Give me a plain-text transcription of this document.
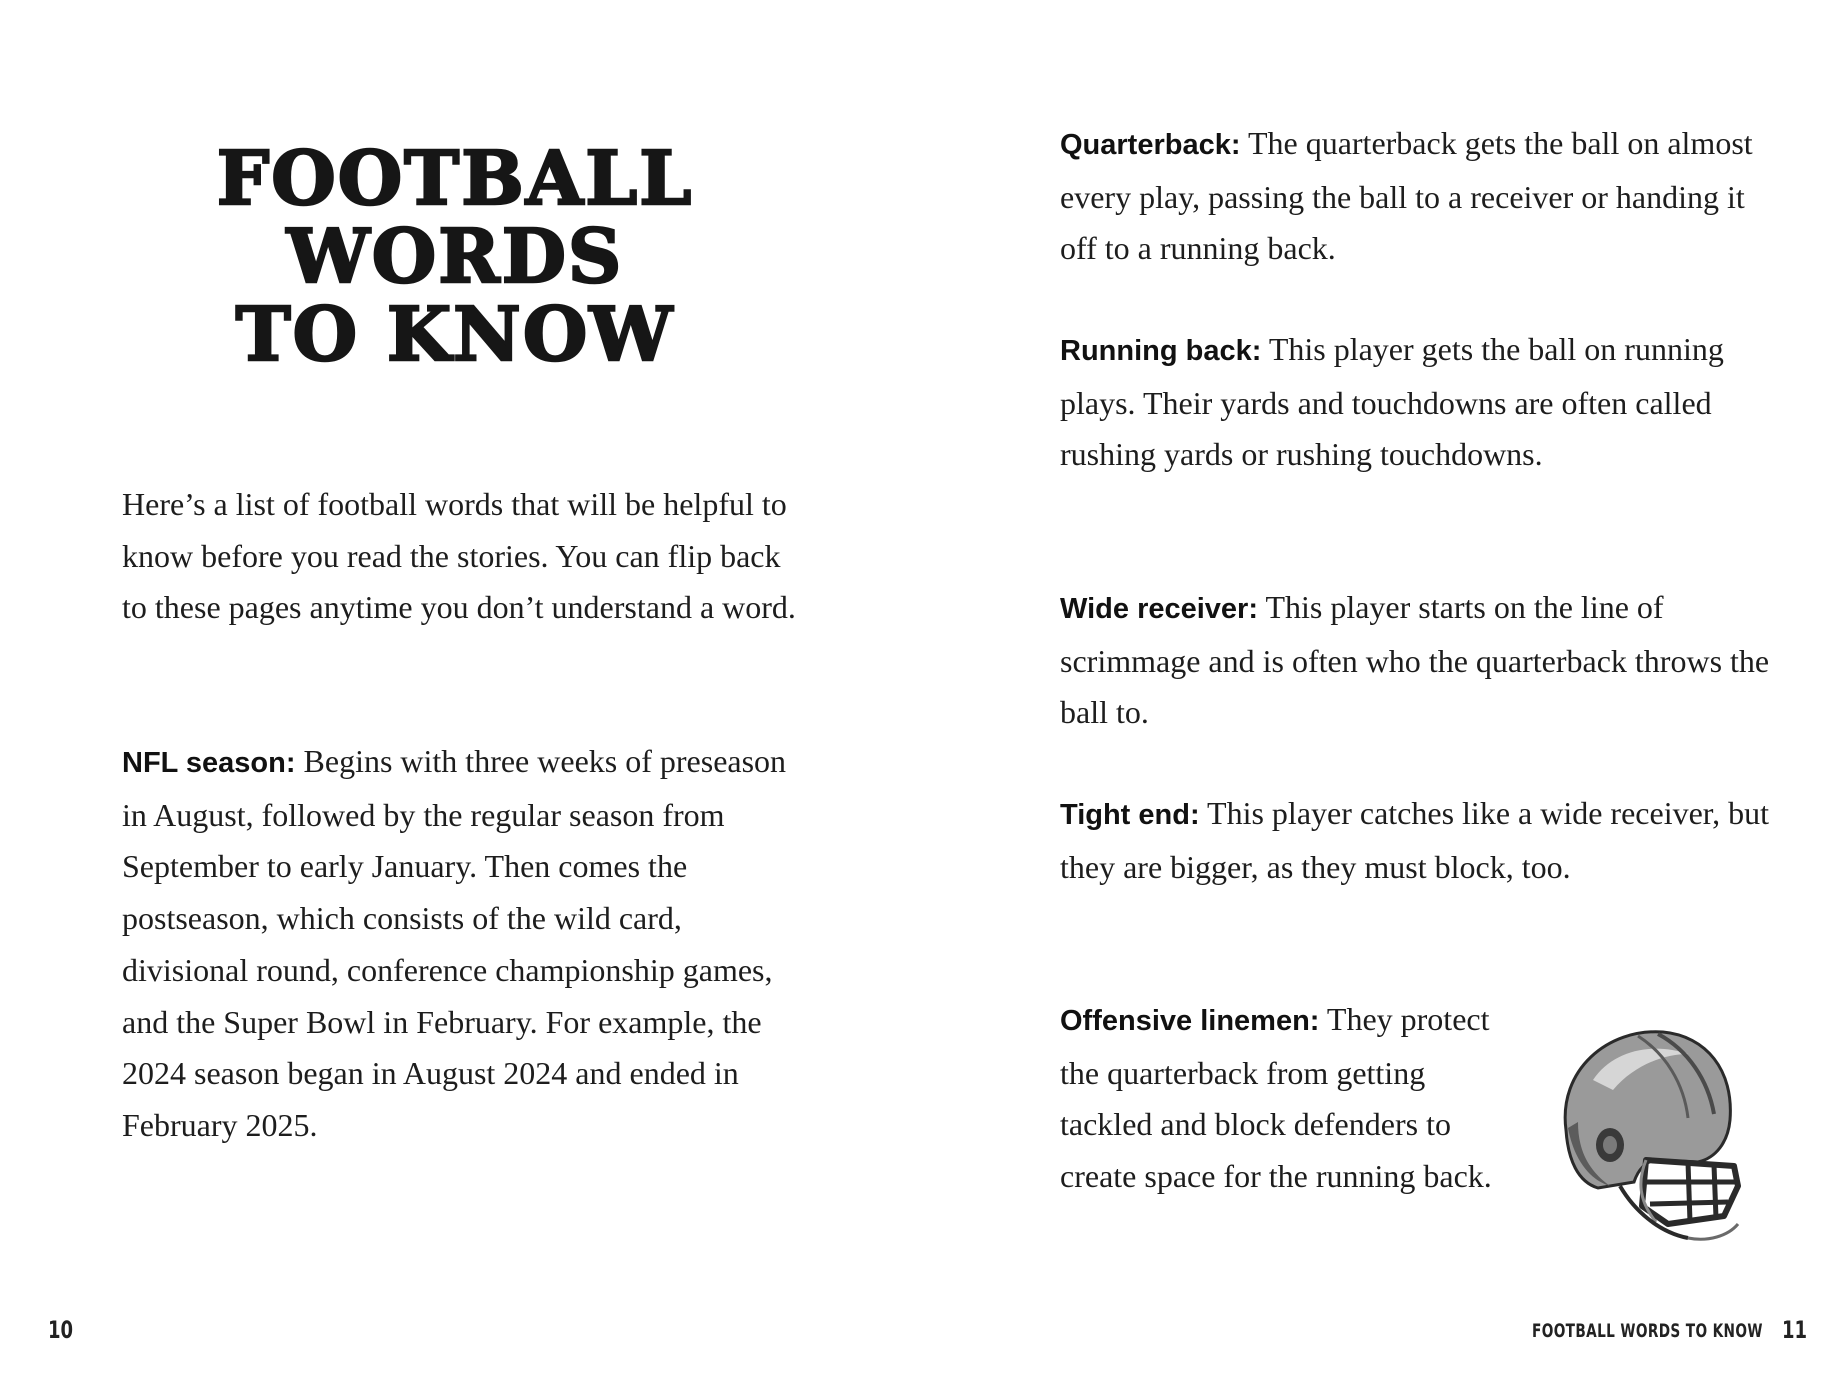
FOOTBALL
WORDS
TO KNOW

Here’s a list of football words that will be helpful to know before you read the stories. You can flip back to these pages anytime you don’t understand a word.

NFL season: Begins with three weeks of preseason in August, followed by the regular season from September to early January. Then comes the postseason, which consists of the wild card, divisional round, conference championship games, and the Super Bowl in February. For example, the 2024 season began in August 2024 and ended in February 2025.

10

Quarterback: The quarterback gets the ball on almost every play, passing the ball to a receiver or handing it off to a running back.

Running back: This player gets the ball on running plays. Their yards and touchdowns are often called rushing yards or rushing touchdowns.

Wide receiver: This player starts on the line of scrimmage and is often who the quarterback throws the ball to.

Tight end: This player catches like a wide receiver, but they are bigger, as they must block, too.

Offensive linemen: They protect the quarterback from getting tackled and block defenders to create space for the running back.

FOOTBALL WORDS TO KNOW 11
